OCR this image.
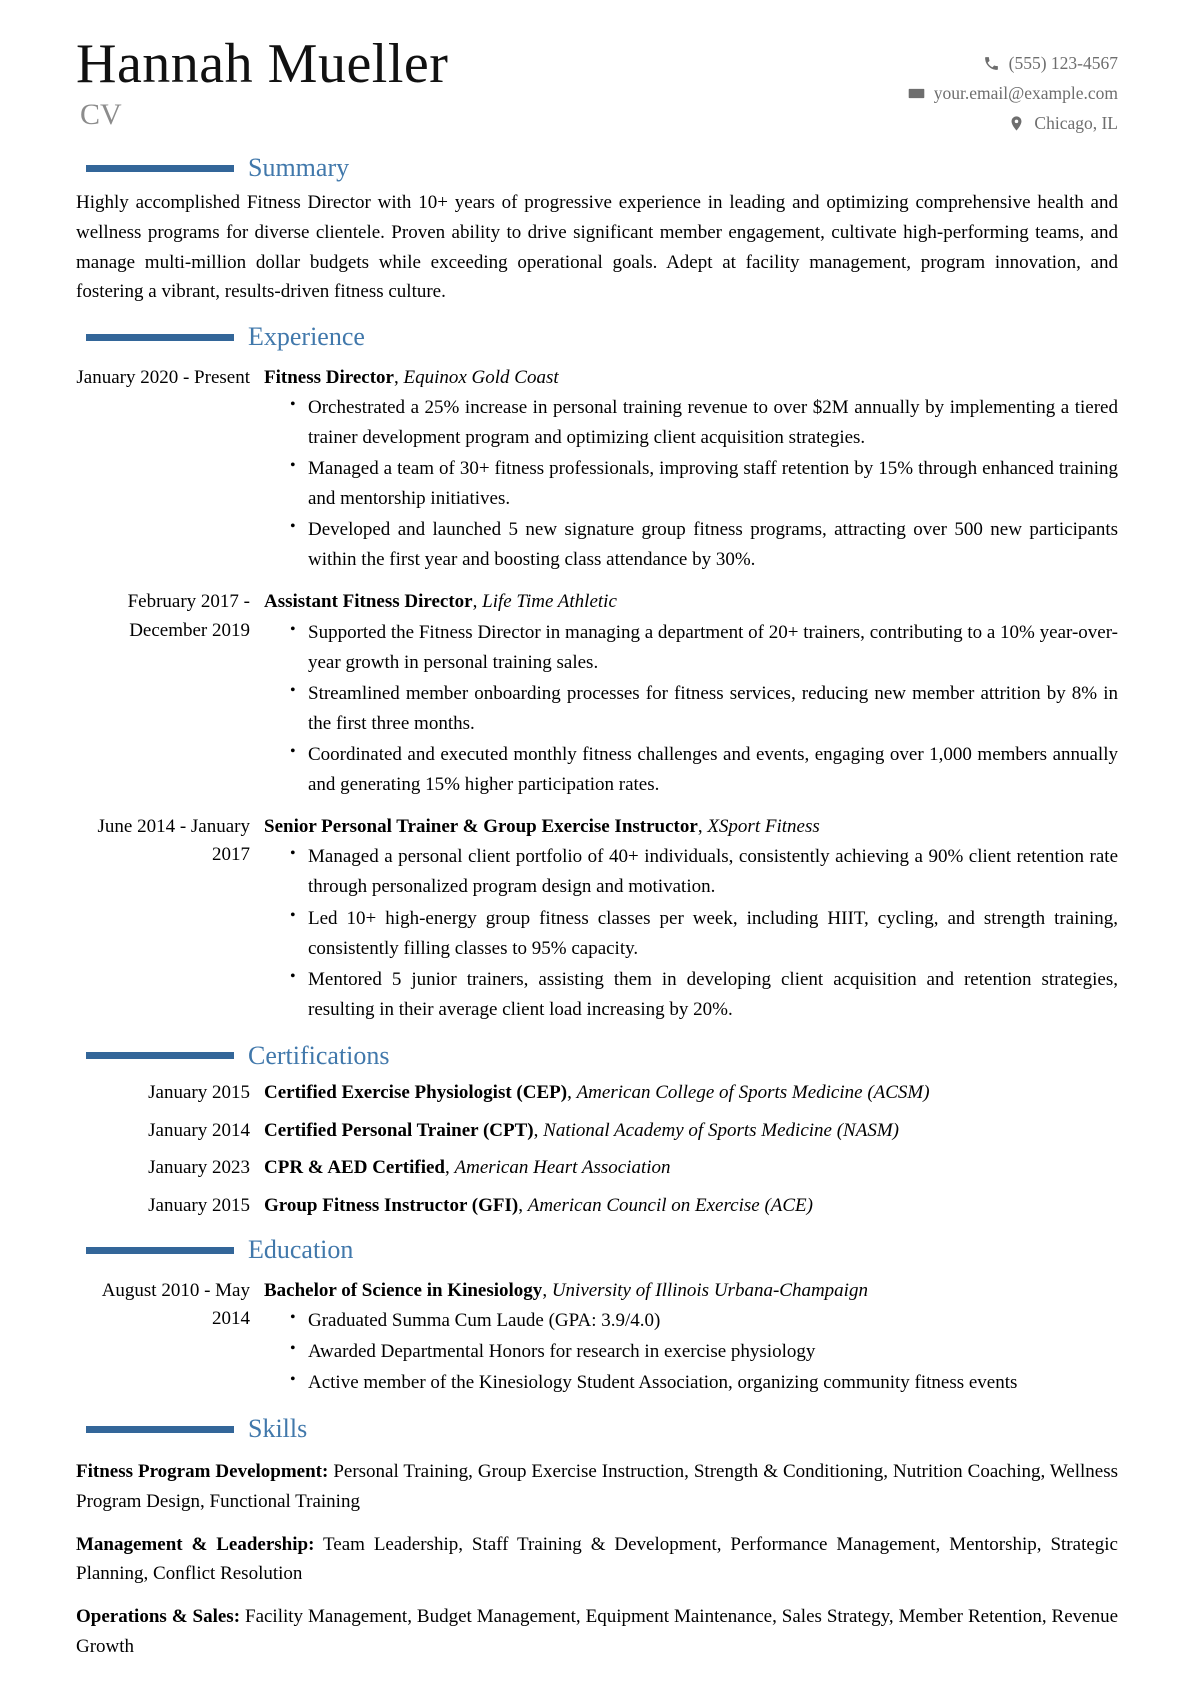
Hannah Mueller
CV
(555) 123-4567
your.email@example.com
Chicago, IL
Summary

Highly accomplished Fitness Director with 10+ years of progressive experience in leading and optimizing comprehensive health and wellness programs for diverse clientele. Proven ability to drive significant member engagement, cultivate high-performing teams, and manage multi-million dollar budgets while exceeding operational goals. Adept at facility management, program innovation, and fostering a vibrant, results-driven fitness culture.

Experience
January 2020 - Present Fitness Director, Equinox Gold Coast
• Orchestrated a 25% increase in personal training revenue to over $2M annually by implementing a tiered trainer development program and optimizing client acquisition strategies.
• Managed a team of 30+ fitness professionals, improving staff retention by 15% through enhanced training and mentorship initiatives.
• Developed and launched 5 new signature group fitness programs, attracting over 500 new participants within the first year and boosting class attendance by 30%.
February 2017 - December 2019
Assistant Fitness Director, Life Time Athletic
• Supported the Fitness Director in managing a department of 20+ trainers, contributing to a 10% year-over-year growth in personal training sales.
• Streamlined member onboarding processes for fitness services, reducing new member attrition by 8% in the first three months.
• Coordinated and executed monthly fitness challenges and events, engaging over 1,000 members annually and generating 15% higher participation rates.
June 2014 - January 2017
Senior Personal Trainer & Group Exercise Instructor, XSport Fitness
• Managed a personal client portfolio of 40+ individuals, consistently achieving a 90% client retention rate through personalized program design and motivation.
• Led 10+ high-energy group fitness classes per week, including HIIT, cycling, and strength training, consistently filling classes to 95% capacity.
• Mentored 5 junior trainers, assisting them in developing client acquisition and retention strategies, resulting in their average client load increasing by 20%.
Certifications
January 2015 Certified Exercise Physiologist (CEP), American College of Sports Medicine (ACSM)
January 2014 Certified Personal Trainer (CPT), National Academy of Sports Medicine (NASM)
January 2023 CPR & AED Certified, American Heart Association
January 2015 Group Fitness Instructor (GFI), American Council on Exercise (ACE)
Education
August 2010 - May 2014
Bachelor of Science in Kinesiology, University of Illinois Urbana-Champaign
• Graduated Summa Cum Laude (GPA: 3.9/4.0)
• Awarded Departmental Honors for research in exercise physiology
• Active member of the Kinesiology Student Association, organizing community fitness events
Skills
Fitness Program Development: Personal Training, Group Exercise Instruction, Strength & Conditioning, Nutrition Coaching, Wellness Program Design, Functional Training
Management & Leadership: Team Leadership, Staff Training & Development, Performance Management, Mentorship, Strategic Planning, Conflict Resolution
Operations & Sales: Facility Management, Budget Management, Equipment Maintenance, Sales Strategy, Member Retention, Revenue Growth
